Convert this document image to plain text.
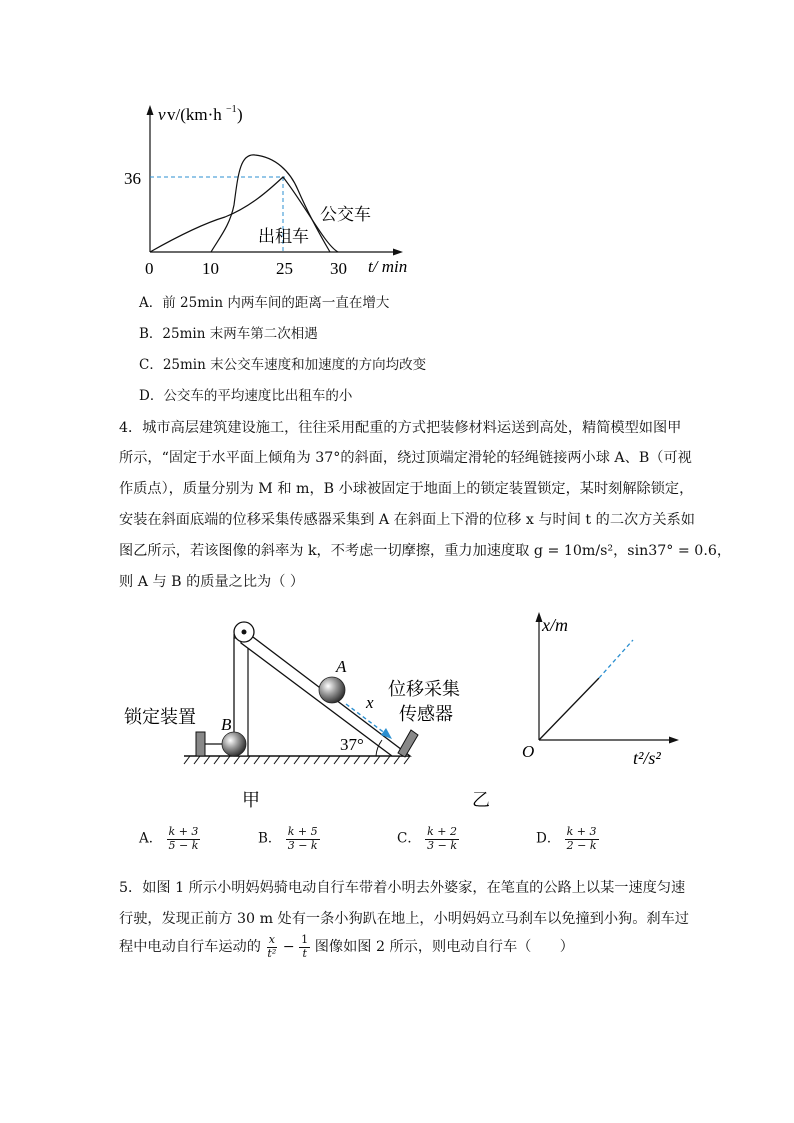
v v/(km·h −1 )
36
0	10	25 30 t/ min
公交车
出租车
A．前 25min 内两车间的距离一直在增大
B．25min 末两车第二次相遇
C．25min 末公交车速度和加速度的方向均改变
D．公交车的平均速度比出租车的小
4．城市高层建筑建设施工，往往采用配重的方式把装修材料运送到高处，精简模型如图甲
所示，“固定于水平面上倾角为 37°的斜面，绕过顶端定滑轮的轻绳链接两小球 A、B（可视
作质点），质量分别为 M 和 m，B 小球被固定于地面上的锁定装置锁定，某时刻解除锁定，
安装在斜面底端的位移采集传感器采集到 A 在斜面上下滑的位移 x 与时间 t 的二次方关系如
图乙所示，若该图像的斜率为 k，不考虑一切摩擦，重力加速度取 g = 10m/s²，sin37° = 0.6，
则 A 与 B 的质量之比为（ ）
锁定装置 B
A
x
位移采集
传感器
37°
甲
x/m
O	t²/s²
乙
A． $\frac{k + 3}{5 - k}$	B． $\frac{k + 5}{3 - k}$	C． $\frac{k + 2}{3 - k}$	D． $\frac{k + 3}{2 - k}$
5．如图 1 所示小明妈妈骑电动自行车带着小明去外婆家，在笔直的公路上以某一速度匀速
行驶，发现正前方 30 m 处有一条小狗趴在地上，小明妈妈立马刹车以免撞到小狗。刹车过
程中电动自行车运动的 $\frac{x}{\text{t²}} - \frac{1}{t}$ 图像如图 2 所示，则电动自行车（　　）
